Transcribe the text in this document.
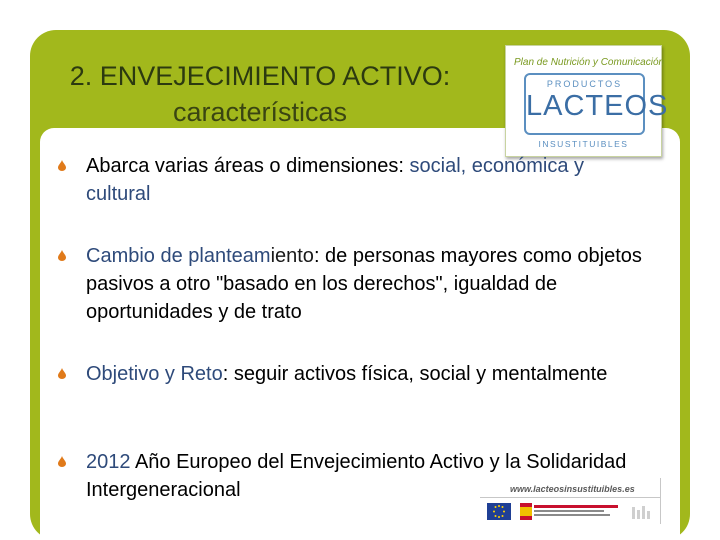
2. ENVEJECIMIENTO ACTIVO:
características
Plan de Nutrición y Comunicación
PRODUCTOS
LACTEOS
INSUSTITUIBLES
Abarca varias áreas o dimensiones: social, económica y cultural
Cambio de planteamiento: de personas mayores como objetos pasivos a otro "basado en los derechos", igualdad de oportunidades y de trato
Objetivo y Reto: seguir activos física, social y mentalmente
2012 Año Europeo del Envejecimiento Activo y la Solidaridad Intergeneracional	www.lacteosinsustituibles.es
